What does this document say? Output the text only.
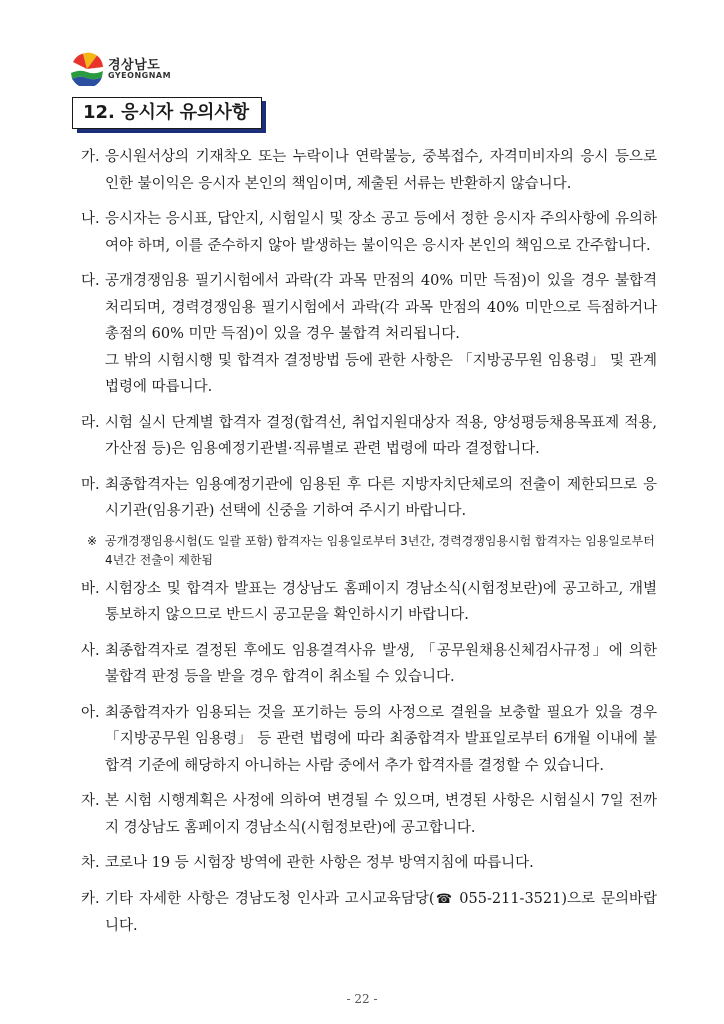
경상남도
GYEONGNAM
12. 응시자 유의사항
가. 응시원서상의 기재착오 또는 누락이나 연락불능, 중복접수, 자격미비자의 응시 등으로 인한 불이익은 응시자 본인의 책임이며, 제출된 서류는 반환하지 않습니다.

나. 응시자는 응시표, 답안지, 시험일시 및 장소 공고 등에서 정한 응시자 주의사항에 유의하여야 하며, 이를 준수하지 않아 발생하는 불이익은 응시자 본인의 책임으로 간주합니다.

다. 공개경쟁임용 필기시험에서 과락(각 과목 만점의 40% 미만 득점)이 있을 경우 불합격 처리되며, 경력경쟁임용 필기시험에서 과락(각 과목 만점의 40% 미만으로 득점하거나 총점의 60% 미만 득점)이 있을 경우 불합격 처리됩니다.

그 밖의 시험시행 및 합격자 결정방법 등에 관한 사항은 「지방공무원 임용령」 및 관계 법령에 따릅니다.

라. 시험 실시 단계별 합격자 결정(합격선, 취업지원대상자 적용, 양성평등채용목표제 적용, 가산점 등)은 임용예정기관별·직류별로 관련 법령에 따라 결정합니다.

마. 최종합격자는 임용예정기관에 임용된 후 다른 지방자치단체로의 전출이 제한되므로 응시기관(임용기관) 선택에 신중을 기하여 주시기 바랍니다.

※ 공개경쟁임용시험(도 일괄 포함) 합격자는 임용일로부터 3년간, 경력경쟁임용시험 합격자는 임용일로부터 4년간 전출이 제한됨
바. 시험장소 및 합격자 발표는 경상남도 홈페이지 경남소식(시험정보란)에 공고하고, 개별 통보하지 않으므로 반드시 공고문을 확인하시기 바랍니다.

사. 최종합격자로 결정된 후에도 임용결격사유 발생, 「공무원채용신체검사규정」에 의한 불합격 판정 등을 받을 경우 합격이 취소될 수 있습니다.

아. 최종합격자가 임용되는 것을 포기하는 등의 사정으로 결원을 보충할 필요가 있을 경우 「지방공무원 임용령」 등 관련 법령에 따라 최종합격자 발표일로부터 6개월 이내에 불합격 기준에 해당하지 아니하는 사람 중에서 추가 합격자를 결정할 수 있습니다.

자. 본 시험 시행계획은 사정에 의하여 변경될 수 있으며, 변경된 사항은 시험실시 7일 전까지 경상남도 홈페이지 경남소식(시험정보란)에 공고합니다.

차. 코로나 19 등 시험장 방역에 관한 사항은 정부 방역지침에 따릅니다.

카. 기타 자세한 사항은 경남도청 인사과 고시교육담당(☎ 055-211-3521)으로 문의바랍니다.

- 22 -
